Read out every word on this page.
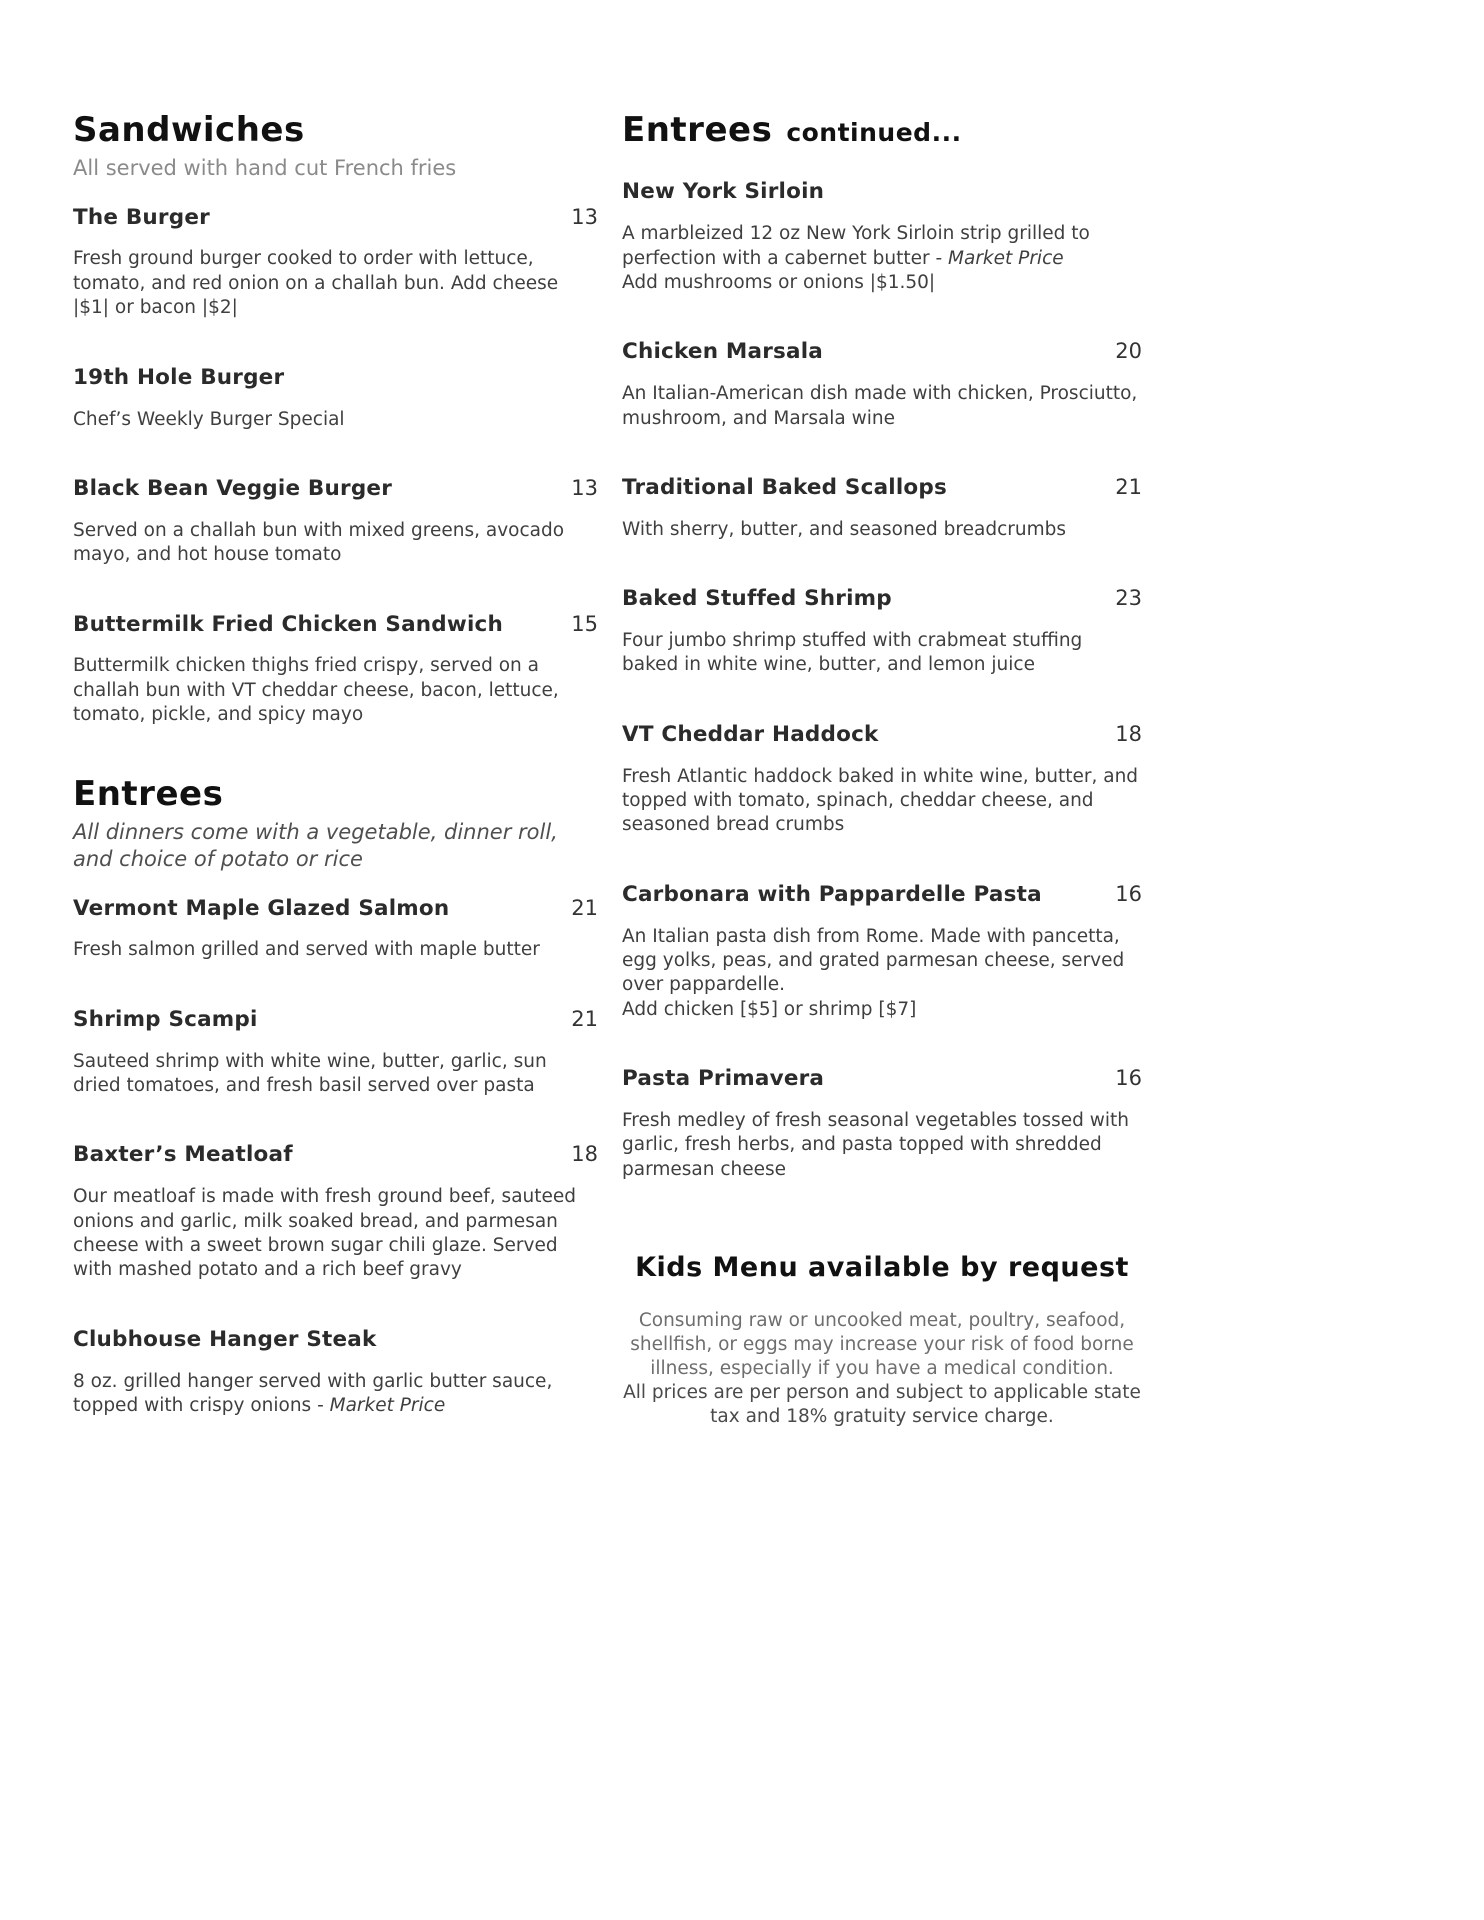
Sandwiches

All served with hand cut French fries

The Burger	13

Fresh ground burger cooked to order with lettuce, tomato, and red onion on a challah bun. Add cheese |$1| or bacon |$2|

19th Hole Burger

Chef’s Weekly Burger Special

Black Bean Veggie Burger	13

Served on a challah bun with mixed greens, avocado mayo, and hot house tomato

Buttermilk Fried Chicken Sandwich	15

Buttermilk chicken thighs fried crispy, served on a challah bun with VT cheddar cheese, bacon, lettuce, tomato, pickle, and spicy mayo

Entrees

All dinners come with a vegetable, dinner roll, and choice of potato or rice

Vermont Maple Glazed Salmon	21

Fresh salmon grilled and served with maple butter

Shrimp Scampi	21

Sauteed shrimp with white wine, butter, garlic, sun dried tomatoes, and fresh basil served over pasta

Baxter’s Meatloaf	18

Our meatloaf is made with fresh ground beef, sauteed onions and garlic, milk soaked bread, and parmesan cheese with a sweet brown sugar chili glaze. Served with mashed potato and a rich beef gravy

Clubhouse Hanger Steak

8 oz. grilled hanger served with garlic butter sauce, topped with crispy onions - Market Price

Entrees continued...
New York Sirloin

A marbleized 12 oz New York Sirloin strip grilled to perfection with a cabernet butter - Market Price
Add mushrooms or onions |$1.50|

Chicken Marsala	20

An Italian-American dish made with chicken, Prosciutto, mushroom, and Marsala wine

Traditional Baked Scallops	21

With sherry, butter, and seasoned breadcrumbs

Baked Stuffed Shrimp	23

Four jumbo shrimp stuffed with crabmeat stuffing baked in white wine, butter, and lemon juice

VT Cheddar Haddock	18

Fresh Atlantic haddock baked in white wine, butter, and topped with tomato, spinach, cheddar cheese, and seasoned bread crumbs

Carbonara with Pappardelle Pasta	16

An Italian pasta dish from Rome. Made with pancetta, egg yolks, peas, and grated parmesan cheese, served over pappardelle.
Add chicken [$5] or shrimp [$7]

Pasta Primavera	16

Fresh medley of fresh seasonal vegetables tossed with garlic, fresh herbs, and pasta topped with shredded parmesan cheese

Kids Menu available by request

Consuming raw or uncooked meat, poultry, seafood, shellfish, or eggs may increase your risk of food borne illness, especially if you have a medical condition.

All prices are per person and subject to applicable state tax and 18% gratuity service charge.
